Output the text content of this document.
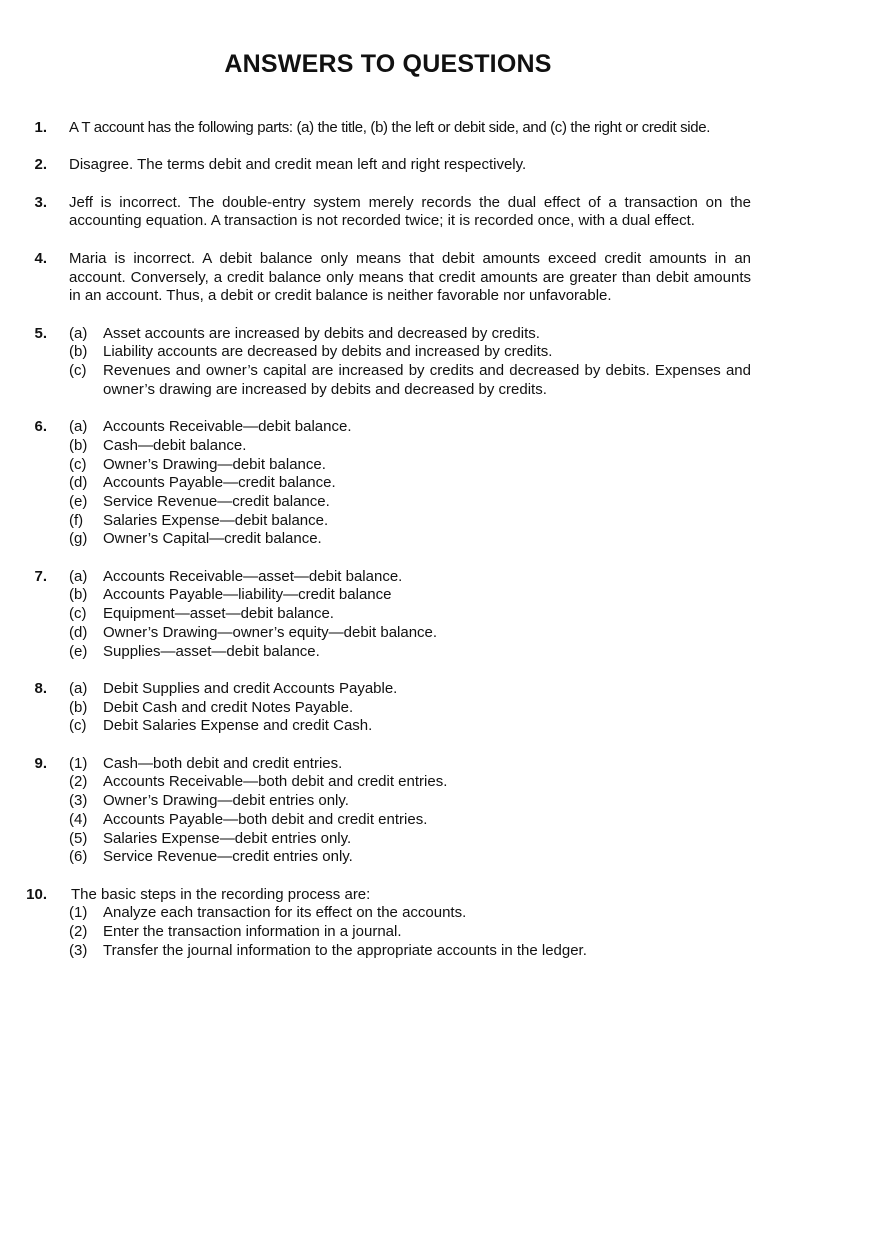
ANSWERS TO QUESTIONS
1. A T account has the following parts: (a) the title, (b) the left or debit side, and (c) the right or credit side.
2. Disagree. The terms debit and credit mean left and right respectively.
3. Jeff is incorrect. The double-entry system merely records the dual effect of a transaction on the accounting equation. A transaction is not recorded twice; it is recorded once, with a dual effect.
4. Maria is incorrect. A debit balance only means that debit amounts exceed credit amounts in an account. Conversely, a credit balance only means that credit amounts are greater than debit amounts in an account. Thus, a debit or credit balance is neither favorable nor unfavorable.
5. (a)	Asset accounts are increased by debits and decreased by credits.
(b)	Liability accounts are decreased by debits and increased by credits.
(c)	Revenues and owner’s capital are increased by credits and decreased by debits. Expenses and owner’s drawing are increased by debits and decreased by credits.
6. (a)	Accounts Receivable—debit balance.
(b)	Cash—debit balance.
(c)	Owner’s Drawing—debit balance.
(d)	Accounts Payable—credit balance.
(e)	Service Revenue—credit balance.
(f)	Salaries Expense—debit balance.
(g)	Owner’s Capital—credit balance.
7. (a)	Accounts Receivable—asset—debit balance.
(b)	Accounts Payable—liability—credit balance
(c)	Equipment—asset—debit balance.
(d)	Owner’s Drawing—owner’s equity—debit balance.
(e)	Supplies—asset—debit balance.
8. (a)	Debit Supplies and credit Accounts Payable.
(b)	Debit Cash and credit Notes Payable.
(c)	Debit Salaries Expense and credit Cash.
9. (1)	Cash—both debit and credit entries.
(2)	Accounts Receivable—both debit and credit entries.
(3)	Owner’s Drawing—debit entries only.
(4)	Accounts Payable—both debit and credit entries.
(5)	Salaries Expense—debit entries only.
(6)	Service Revenue—credit entries only.
10. The basic steps in the recording process are:
(1)	Analyze each transaction for its effect on the accounts.
(2)	Enter the transaction information in a journal.
(3)	Transfer the journal information to the appropriate accounts in the ledger.
